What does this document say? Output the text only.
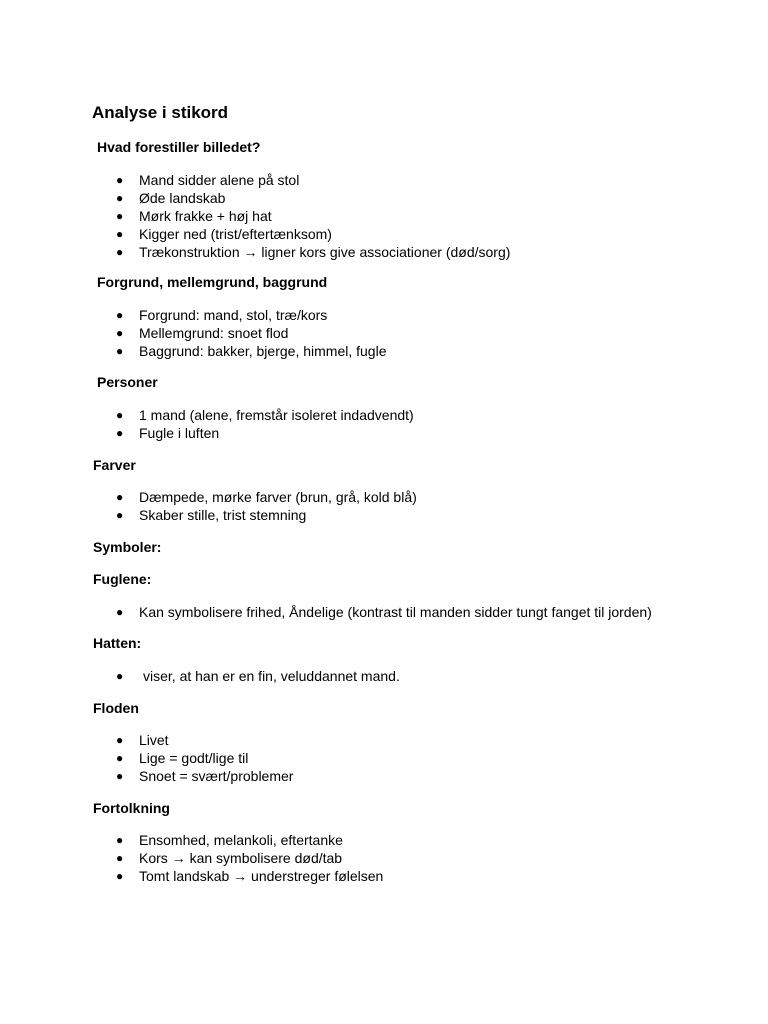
Analyse i stikord
Hvad forestiller billedet?
● Mand sidder alene på stol
● Øde landskab
● Mørk frakke + høj hat
● Kigger ned (trist/eftertænksom)
● Trækonstruktion → ligner kors give associationer (død/sorg)
Forgrund, mellemgrund, baggrund
● Forgrund: mand, stol, træ/kors
● Mellemgrund: snoet flod
● Baggrund: bakker, bjerge, himmel, fugle
Personer
● 1 mand (alene, fremstår isoleret indadvendt)
● Fugle i luften
Farver
● Dæmpede, mørke farver (brun, grå, kold blå)
● Skaber stille, trist stemning
Symboler:
Fuglene:
● Kan symbolisere frihed, Åndelige (kontrast til manden sidder tungt fanget til jorden)
Hatten:
● viser, at han er en fin, veluddannet mand.
Floden
● Livet
● Lige = godt/lige til
● Snoet = svært/problemer
Fortolkning
● Ensomhed, melankoli, eftertanke
● Kors → kan symbolisere død/tab
● Tomt landskab → understreger følelsen
